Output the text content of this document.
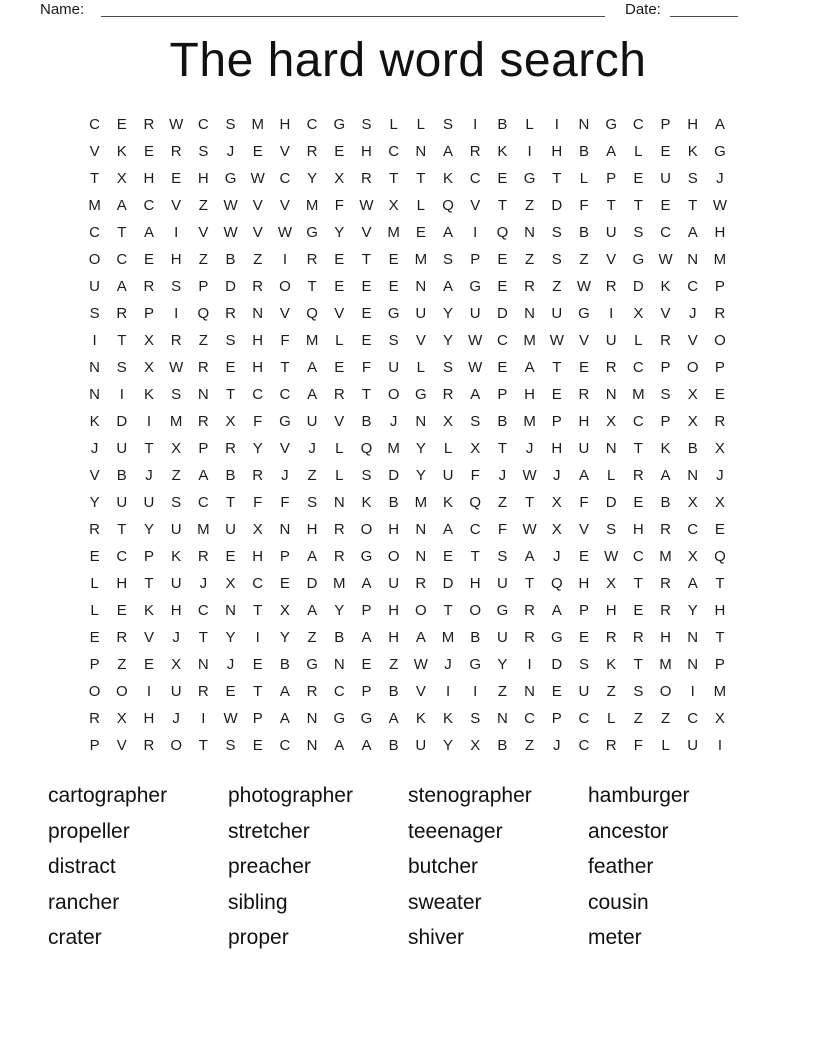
Name:	Date:
The hard word search
C	E	R W C	S	M	H	C	G	S	L	L	S	I	B	L	I	N	G	C	P	H	A
V	K	E	R	S	J	E	V	R	E	H	C	N	A	R	K	I	H	B	A	L	E	K	G
T	X	H	E	H	G W C	Y	X	R	T	T	K	C	E	G	T	L	P	E	U	S	J
M	A	C	V	Z	W	V	V	M	F	W	X	L	Q	V	T	Z	D	F	T	T	E	T	W
C	T	A	I	V	W	V	W G	Y	V	M	E	A	I	Q	N	S	B	U	S	C	A	H
O	C	E	H	Z	B	Z	I	R	E	T	E	M	S	P	E	Z	S	Z	V	G W N	M
U	A	R	S	P	D	R	O	T	E	E	E	N	A	G	E	R	Z	W R	D	K	C	P
S	R	P	I	Q	R	N	V	Q	V	E	G	U	Y	U	D	N	U	G	I	X	V	J	R
I	T	X	R	Z	S	H	F	M	L	E	S	V	Y	W C	M W	V	U	L	R	V	O
N	S	X	W R	E	H	T	A	E	F	U	L	S	W	E	A	T	E	R	C	P	O	P
N	I	K	S	N	T	C	C	A	R	T	O	G	R	A	P	H	E	R	N	M	S	X	E
K	D	I	M	R	X	F	G	U	V	B	J	N	X	S	B	M	P	H	X	C	P	X	R
J	U	T	X	P	R	Y	V	J	L	Q	M	Y	L	X	T	J	H	U	N	T	K	B	X
V	B	J	Z	A	B	R	J	Z	L	S	D	Y	U	F	J	W	J	A	L	R	A	N	J
Y	U	U	S	C	T	F	F	S	N	K	B	M	K	Q	Z	T	X	F	D	E	B	X	X
R	T	Y	U	M	U	X	N	H	R	O	H	N	A	C	F	W	X	V	S	H	R	C	E
E	C	P	K	R	E	H	P	A	R	G	O	N	E	T	S	A	J	E	W C	M	X	Q
L	H	T	U	J	X	C	E	D	M	A	U	R	D	H	U	T	Q	H	X	T	R	A	T
L	E	K	H	C	N	T	X	A	Y	P	H	O	T	O	G	R	A	P	H	E	R	Y	H
E	R	V	J	T	Y	I	Y	Z	B	A	H	A	M	B	U	R	G	E	R	R	H	N	T
P	Z	E	X	N	J	E	B	G	N	E	Z	W	J	G	Y	I	D	S	K	T	M	N	P
O	O	I	U	R	E	T	A	R	C	P	B	V	I	I	Z	N	E	U	Z	S	O	I	M
R	X	H	J	I	W	P	A	N	G	G	A	K	K	S	N	C	P	C	L	Z	Z	C	X
P	V	R	O	T	S	E	C	N	A	A	B	U	Y	X	B	Z	J	C	R	F	L	U	I
cartographer
propeller
distract
rancher
crater
photographer
stretcher
preacher
sibling
proper
stenographer
teeenager
butcher
sweater
shiver
hamburger
ancestor
feather
cousin
meter
